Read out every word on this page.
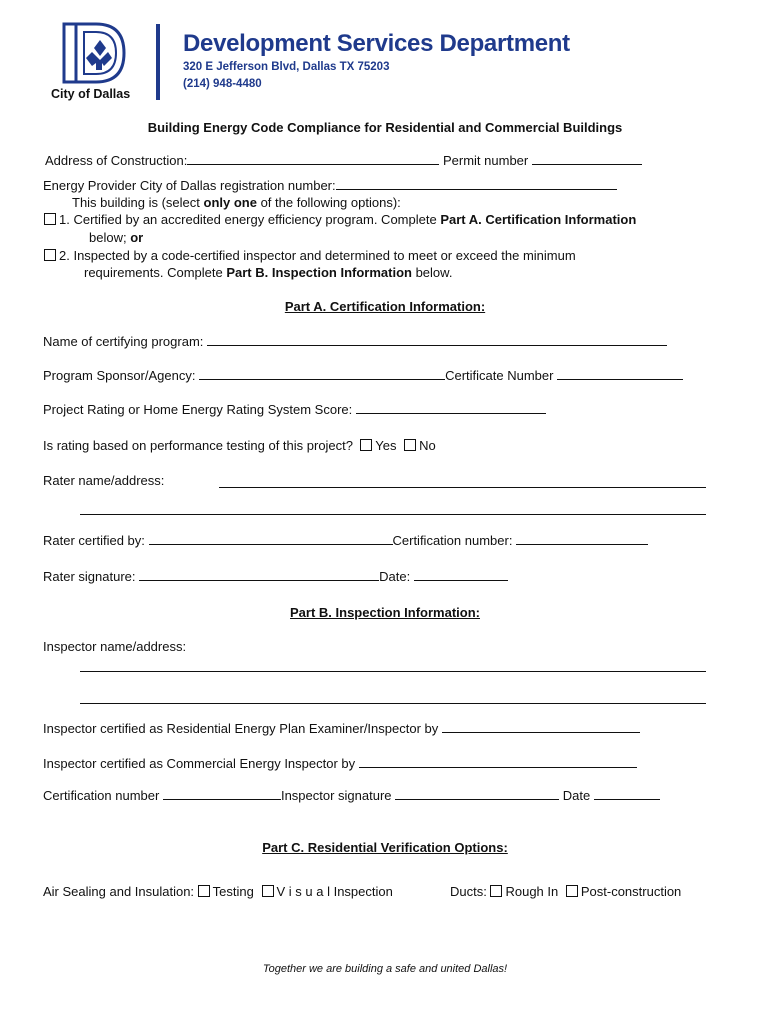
City of Dallas
Development Services Department
320 E Jefferson Blvd, Dallas TX 75203
(214) 948-4480
Building Energy Code Compliance for Residential and Commercial Buildings
Address of Construction:	Permit number
Energy Provider City of Dallas registration number:
This building is (select only one of the following options):
1. Certified by an accredited energy efficiency program. Complete Part A. Certification Information
below; or
2. Inspected by a code-certified inspector and determined to meet or exceed the minimum
requirements. Complete Part B. Inspection Information below.
Part A. Certification Information:
Name of certifying program:
Program Sponsor/Agency:	Certificate Number
Project Rating or Home Energy Rating System Score:
Is rating based on performance testing of this project? Yes No
Rater name/address:
Rater certified by:	Certification number:
Rater signature:	Date:
Part B. Inspection Information:
Inspector name/address:
Inspector certified as Residential Energy Plan Examiner/Inspector by
Inspector certified as Commercial Energy Inspector by
Certification number	Inspector signature	Date
Part C. Residential Verification Options:
Air Sealing and Insulation: Testing V i s u a l Inspection	Ducts: Rough In Post-construction
Together we are building a safe and united Dallas!
